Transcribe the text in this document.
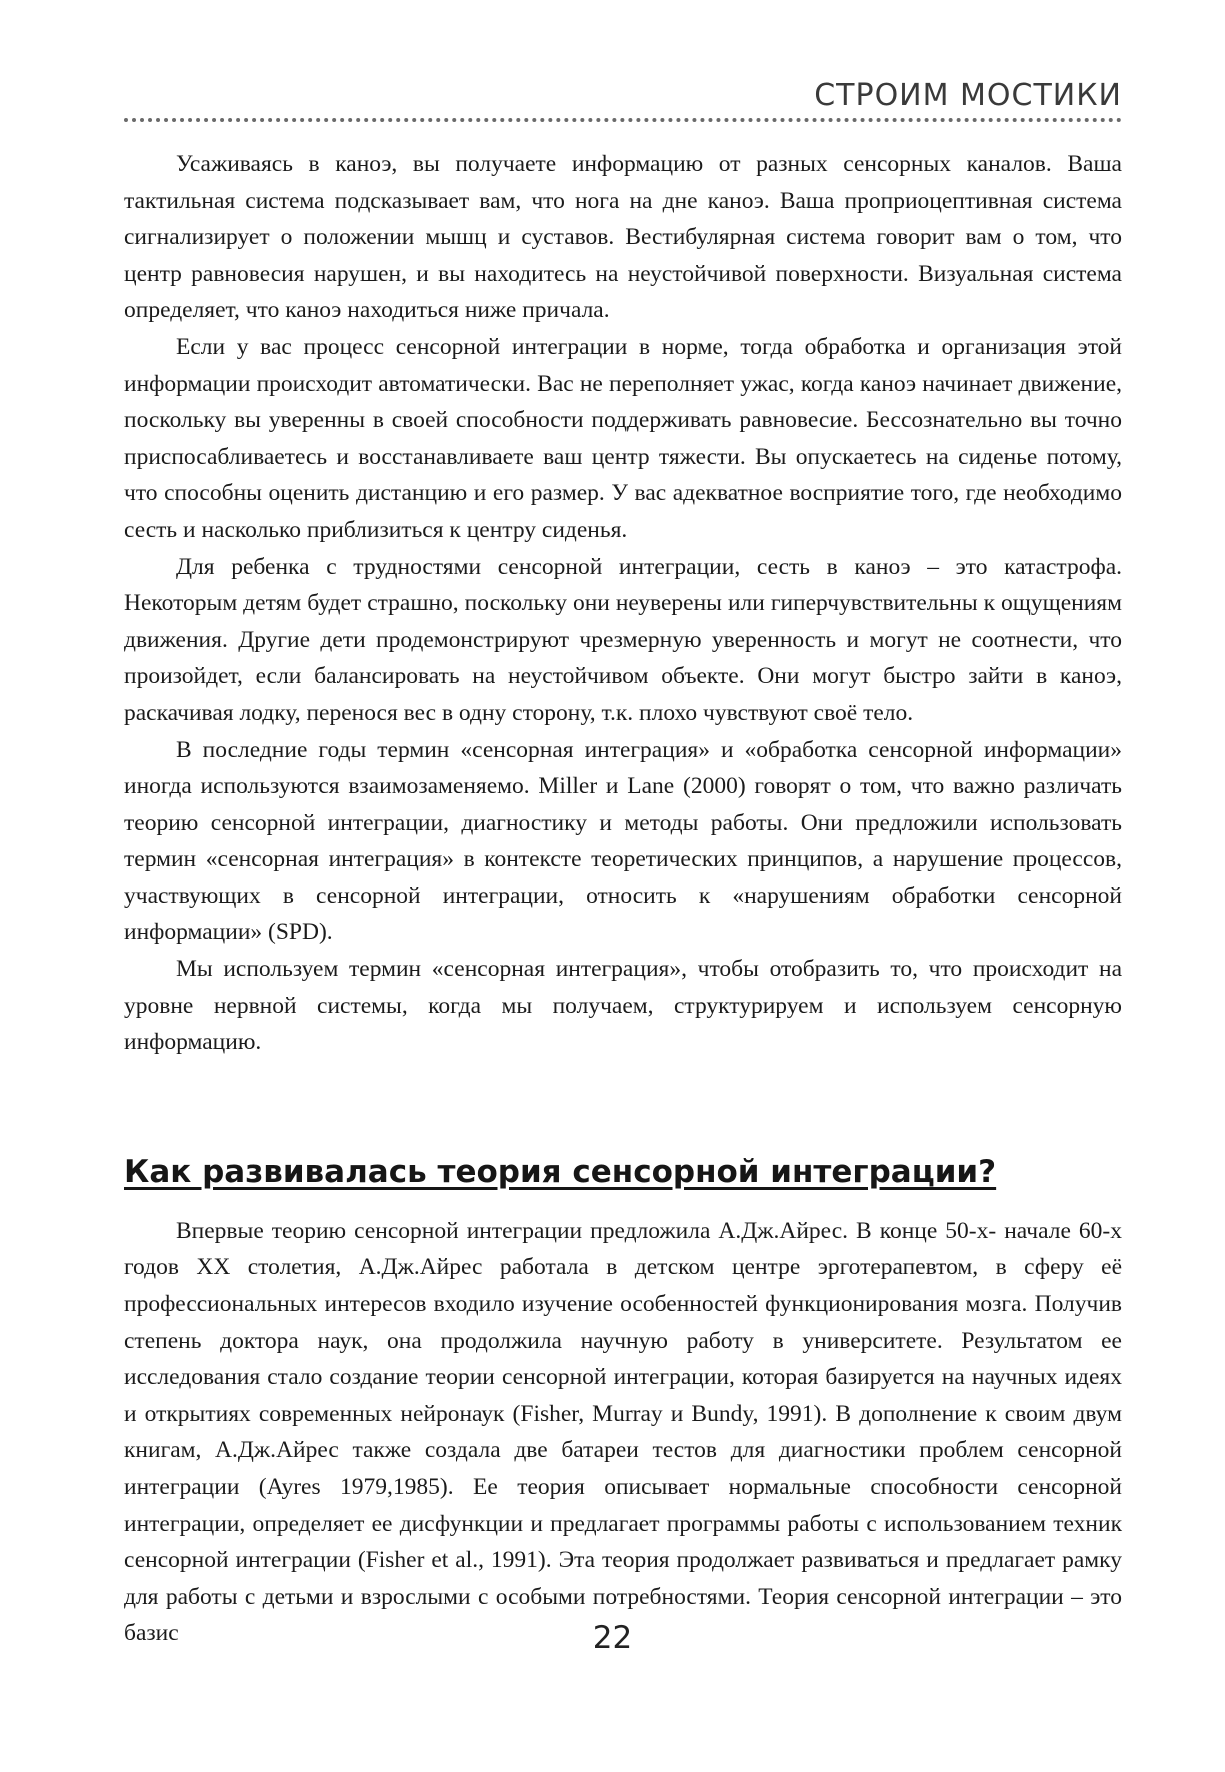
СТРОИМ МОСТИКИ

Усаживаясь в каноэ, вы получаете информацию от разных сенсорных каналов. Ваша тактильная система подсказывает вам, что нога на дне каноэ. Ваша проприоцептивная система сигнализирует о положении мышц и суставов. Вестибулярная система говорит вам о том, что центр равновесия нарушен, и вы находитесь на неустойчивой поверхности. Визуальная система определяет, что каноэ находиться ниже причала.

Если у вас процесс сенсорной интеграции в норме, тогда обработка и организация этой информации происходит автоматически. Вас не переполняет ужас, когда каноэ начинает движение, поскольку вы уверенны в своей способности поддерживать равновесие. Бессознательно вы точно приспосабливаетесь и восстанавливаете ваш центр тяжести. Вы опускаетесь на сиденье потому, что способны оценить дистанцию и его размер. У вас адекватное восприятие того, где необходимо сесть и насколько приблизиться к центру сиденья.

Для ребенка с трудностями сенсорной интеграции, сесть в каноэ – это катастрофа. Некоторым детям будет страшно, поскольку они неуверены или гиперчувствительны к ощущениям движения. Другие дети продемонстрируют чрезмерную уверенность и могут не соотнести, что произойдет, если балансировать на неустойчивом объекте. Они могут быстро зайти в каноэ, раскачивая лодку, перенося вес в одну сторону, т.к. плохо чувствуют своё тело.

В последние годы термин «сенсорная интеграция» и «обработка сенсорной информации» иногда используются взаимозаменяемо. Miller и Lane (2000) говорят о том, что важно различать теорию сенсорной интеграции, диагностику и методы работы. Они предложили использовать термин «сенсорная интеграция» в контексте теоретических принципов, а нарушение процессов, участвующих в сенсорной интеграции, относить к «нарушениям обработки сенсорной информации» (SPD).

Мы используем термин «сенсорная интеграция», чтобы отобразить то, что происходит на уровне нервной системы, когда мы получаем, структурируем и используем сенсорную информацию.

Как развивалась теория сенсорной интеграции?

Впервые теорию сенсорной интеграции предложила А.Дж.Айрес. В конце 50-х- начале 60-х годов XX столетия, А.Дж.Айрес работала в детском центре эрготерапевтом, в сферу её профессиональных интересов входило изучение особенностей функционирования мозга. Получив степень доктора наук, она продолжила научную работу в университете. Результатом ее исследования стало создание теории сенсорной интеграции, которая базируется на научных идеях и открытиях современных нейронаук (Fisher, Murray и Bundy, 1991). В дополнение к своим двум книгам, А.Дж.Айрес также создала две батареи тестов для диагностики проблем сенсорной интеграции (Ayres 1979,1985). Ее теория описывает нормальные способности сенсорной интеграции, определяет ее дисфункции и предлагает программы работы с использованием техник сенсорной интеграции (Fisher et al., 1991). Эта теория продолжает развиваться и предлагает рамку для работы с детьми и взрослыми с особыми потребностями. Теория сенсорной интеграции – это базис	22
